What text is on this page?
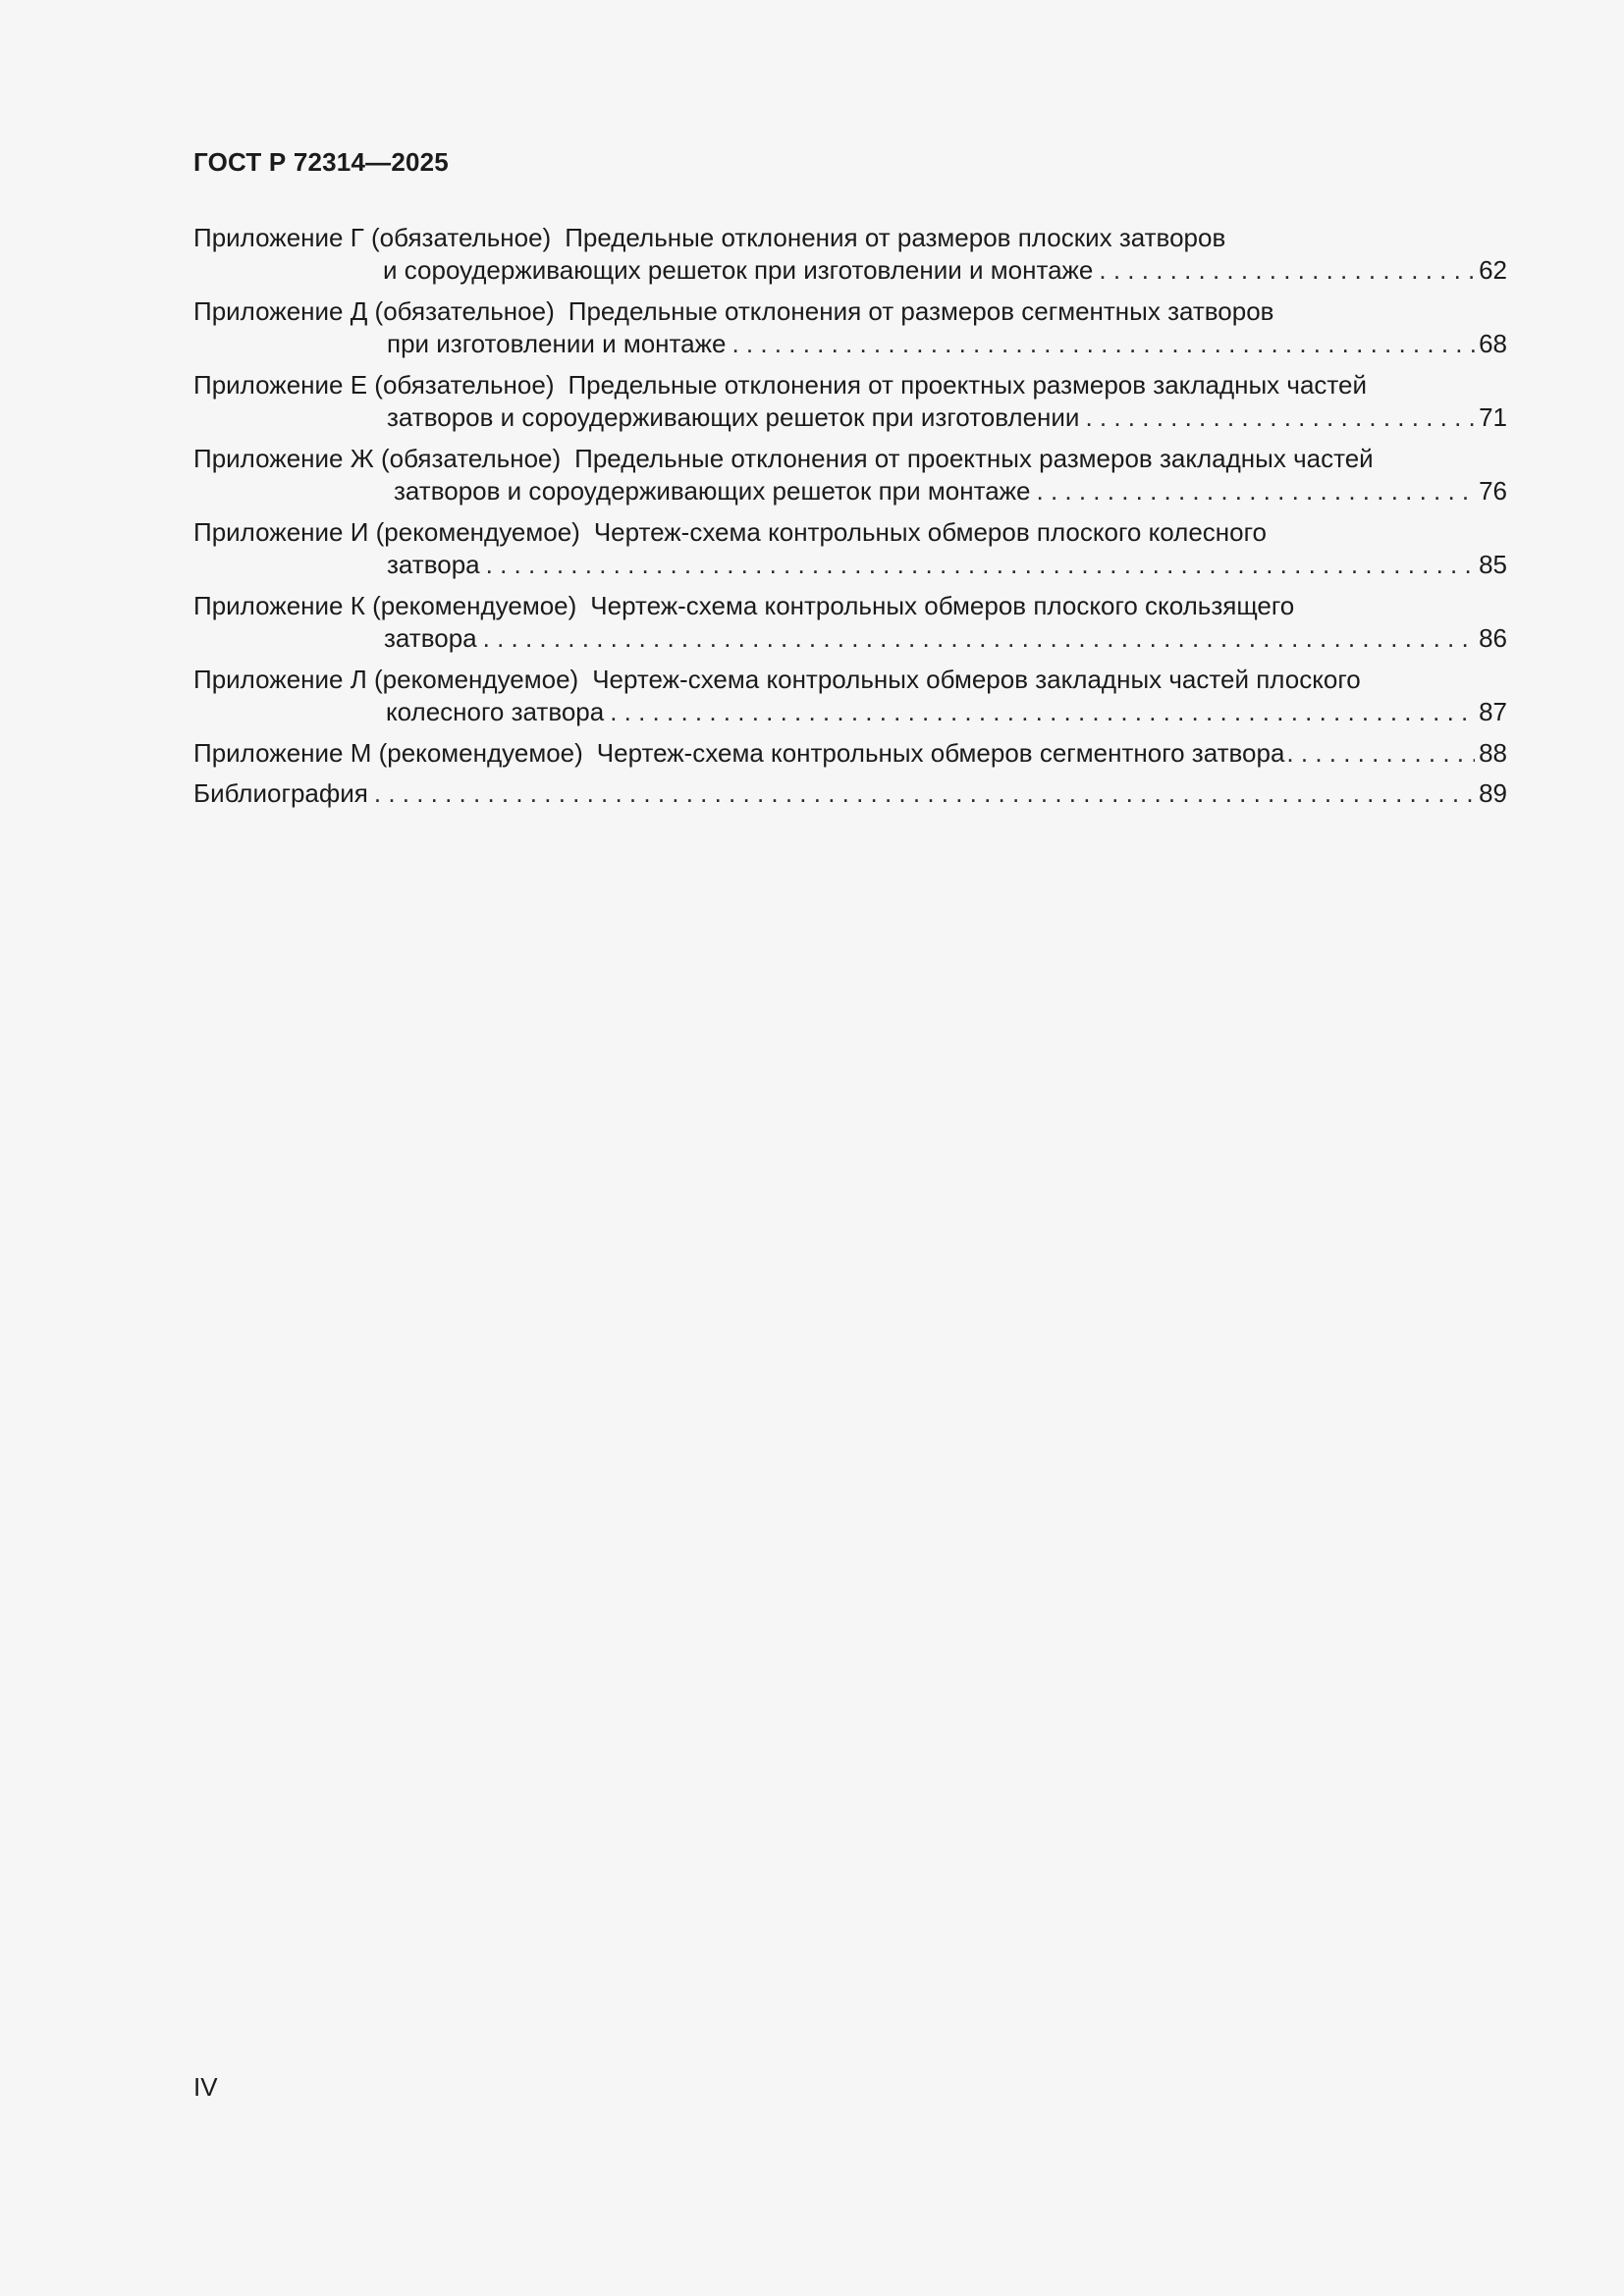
ГОСТ Р 72314—2025
Приложение Г (обязательное) Предельные отклонения от размеров плоских затворов
и сороудерживающих решеток при изготовлении и монтаже . . .	62
Приложение Д (обязательное) Предельные отклонения от размеров сегментных затворов
при изготовлении и монтаже . . .	68
Приложение Е (обязательное) Предельные отклонения от проектных размеров закладных частей
затворов и сороудерживающих решеток при изготовлении . . .	71
Приложение Ж (обязательное) Предельные отклонения от проектных размеров закладных частей
затворов и сороудерживающих решеток при монтаже . . .	76
Приложение И (рекомендуемое) Чертеж-схема контрольных обмеров плоского колесного
затвора . . .	85
Приложение К (рекомендуемое) Чертеж-схема контрольных обмеров плоского скользящего
затвора . . .	86
Приложение Л (рекомендуемое) Чертеж-схема контрольных обмеров закладных частей плоского
колесного затвора . . .	87
Приложение М (рекомендуемое) Чертеж-схема контрольных обмеров сегментного затвора . . .	88
Библиография . . .	89
IV
